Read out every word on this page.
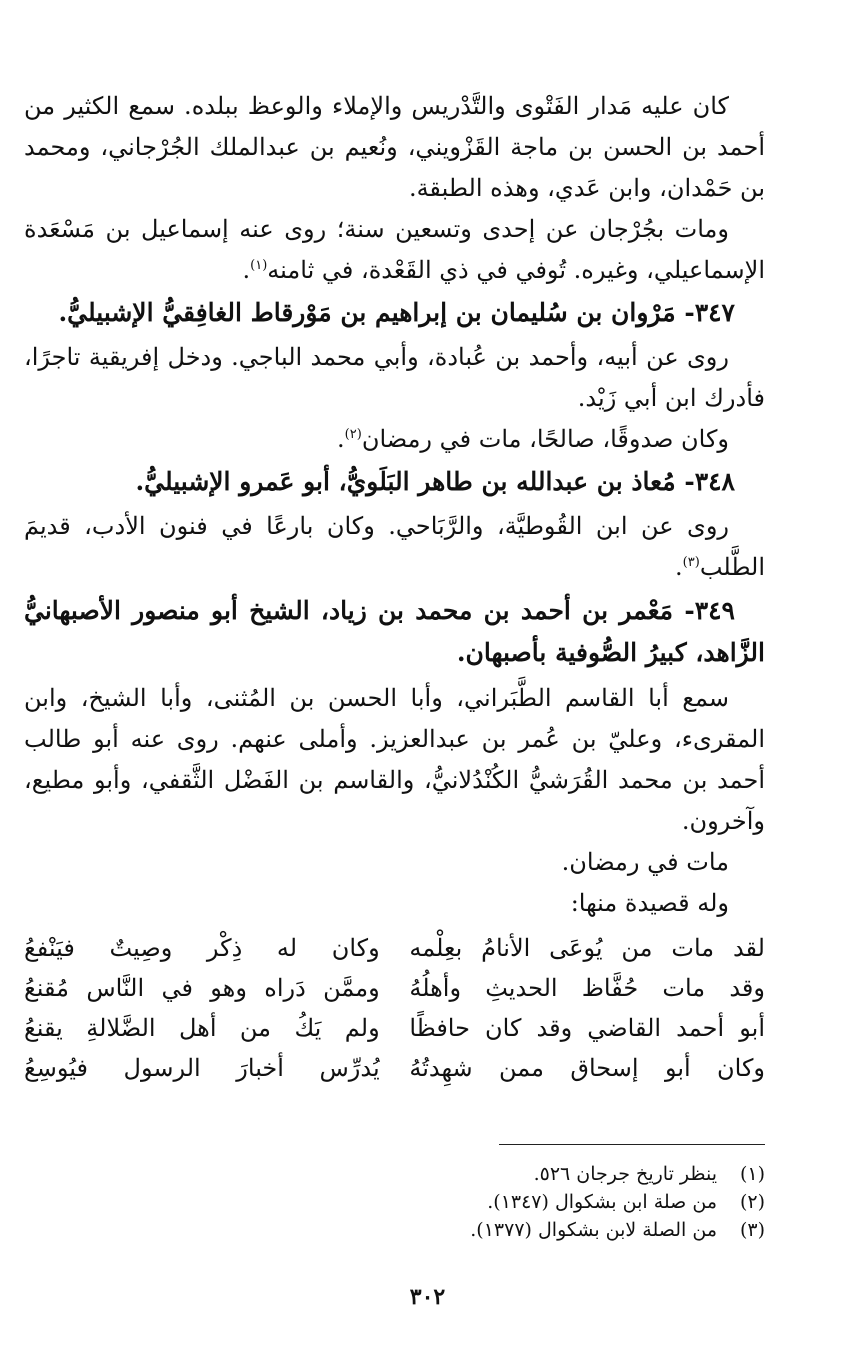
كان عليه مَدار الفَتْوى والتَّدْريس والإملاء والوعظ ببلده. سمع الكثير من أحمد بن الحسن بن ماجة القَزْويني، ونُعيم بن عبدالملك الجُرْجاني، ومحمد بن حَمْدان، وابن عَدي، وهذه الطبقة.

ومات بجُرْجان عن إحدى وتسعين سنة؛ روى عنه إسماعيل بن مَسْعَدة الإسماعيلي، وغيره. تُوفي في ذي القَعْدة، في ثامنه$^{(١)}$.

٣٤٧- مَرْوان بن سُليمان بن إبراهيم بن مَوْرقاط الغافِقيُّ الإشبيليُّ.

روى عن أبيه، وأحمد بن عُبادة، وأبي محمد الباجي. ودخل إفريقية تاجرًا، فأدرك ابن أبي زَيْد.

وكان صدوقًا، صالحًا، مات في رمضان$^{(٢)}$.

٣٤٨- مُعاذ بن عبدالله بن طاهر البَلَويُّ، أبو عَمرو الإشبيليُّ.

روى عن ابن القُوطيَّة، والرَّبَاحي. وكان بارعًا في فنون الأدب، قديمَ الطَّلب$^{(٣)}$.

٣٤٩- مَعْمر بن أحمد بن محمد بن زياد، الشيخ أبو منصور الأصبهانيُّ الزَّاهد، كبيرُ الصُّوفية بأصبهان.

سمع أبا القاسم الطَّبَراني، وأبا الحسن بن المُثنى، وأبا الشيخ، وابن المقرىء، وعليّ بن عُمر بن عبدالعزيز. وأملى عنهم. روى عنه أبو طالب أحمد بن محمد القُرَشيُّ الكُنْدُلانيُّ، والقاسم بن الفَضْل الثَّقفي، وأبو مطيع، وآخرون.

مات في رمضان.

وله قصيدة منها:

لقد مات من يُوعَى الأنامُ بعِلْمه
وكان له ذِكْر وصِيتٌ فيَنْفعُ
وقد مات حُفَّاظ الحديثِ وأهلُهُ
وممَّن دَراه وهو في النَّاس مُقنعُ
أبو أحمد القاضي وقد كان حافظًا
ولم يَكُ من أهل الضَّلالةِ يقنعُ
وكان أبو إسحاق ممن شهِدتُهُ
يُدرِّس أخبارَ الرسول فيُوسِعُ
(١)
ينظر تاريخ جرجان ٥٢٦.
(٢)
من صلة ابن بشكوال (١٣٤٧).
(٣)
من الصلة لابن بشكوال (١٣٧٧).
٣٠٢
